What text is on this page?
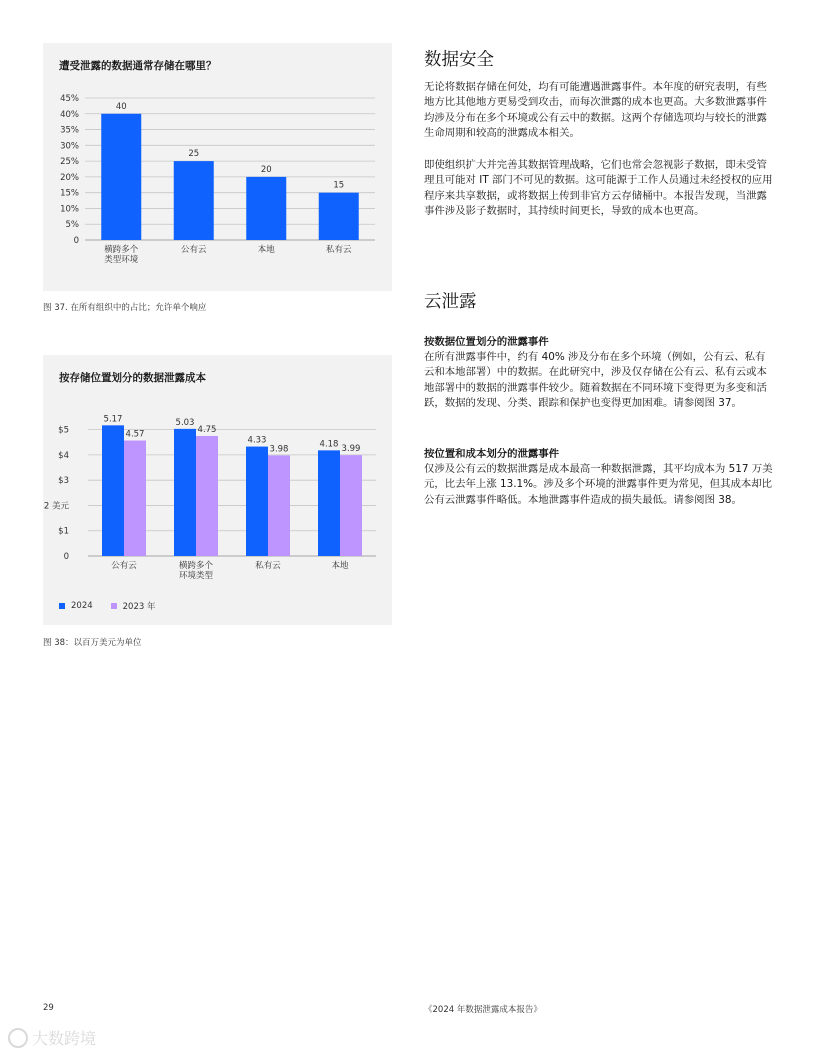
遭受泄露的数据通常存储在哪里？
0
5%
10%
15%
20%
25%
30%
35%
40%
45%
40
横跨多个
类型环境
25
公有云
20
本地
15
私有云
图 37. 在所有组织中的占比；允许单个响应
按存储位置划分的数据泄露成本
0
$1
2 美元
$3
$4
$5
5.17
4.57
公有云
5.03
4.75
横跨多个
环境类型
4.33
3.98
私有云
4.18 3.99
本地
2024	2023 年
图 38：以百万美元为单位
数据安全

无论将数据存储在何处，均有可能遭遇泄露事件。本年度的研究表明，有些地方比其他地方更易受到攻击，而每次泄露的成本也更高。大多数泄露事件均涉及分布在多个环境或公有云中的数据。这两个存储选项均与较长的泄露生命周期和较高的泄露成本相关。

即使组织扩大并完善其数据管理战略，它们也常会忽视影子数据，即未受管理且可能对 IT 部门不可见的数据。这可能源于工作人员通过未经授权的应用程序来共享数据，或将数据上传到非官方云存储桶中。本报告发现，当泄露事件涉及影子数据时，其持续时间更长，导致的成本也更高。

云泄露
按数据位置划分的泄露事件

在所有泄露事件中，约有 40% 涉及分布在多个环境（例如，公有云、私有云和本地部署）中的数据。在此研究中，涉及仅存储在公有云、私有云或本地部署中的数据的泄露事件较少。随着数据在不同环境下变得更为多变和活跃，数据的发现、分类、跟踪和保护也变得更加困难。请参阅图 37。

按位置和成本划分的泄露事件

仅涉及公有云的数据泄露是成本最高一种数据泄露，其平均成本为 517 万美元，比去年上涨 13.1%。涉及多个环境的泄露事件更为常见，但其成本却比公有云泄露事件略低。本地泄露事件造成的损失最低。请参阅图 38。

29	《2024 年数据泄露成本报告》
大数跨境
